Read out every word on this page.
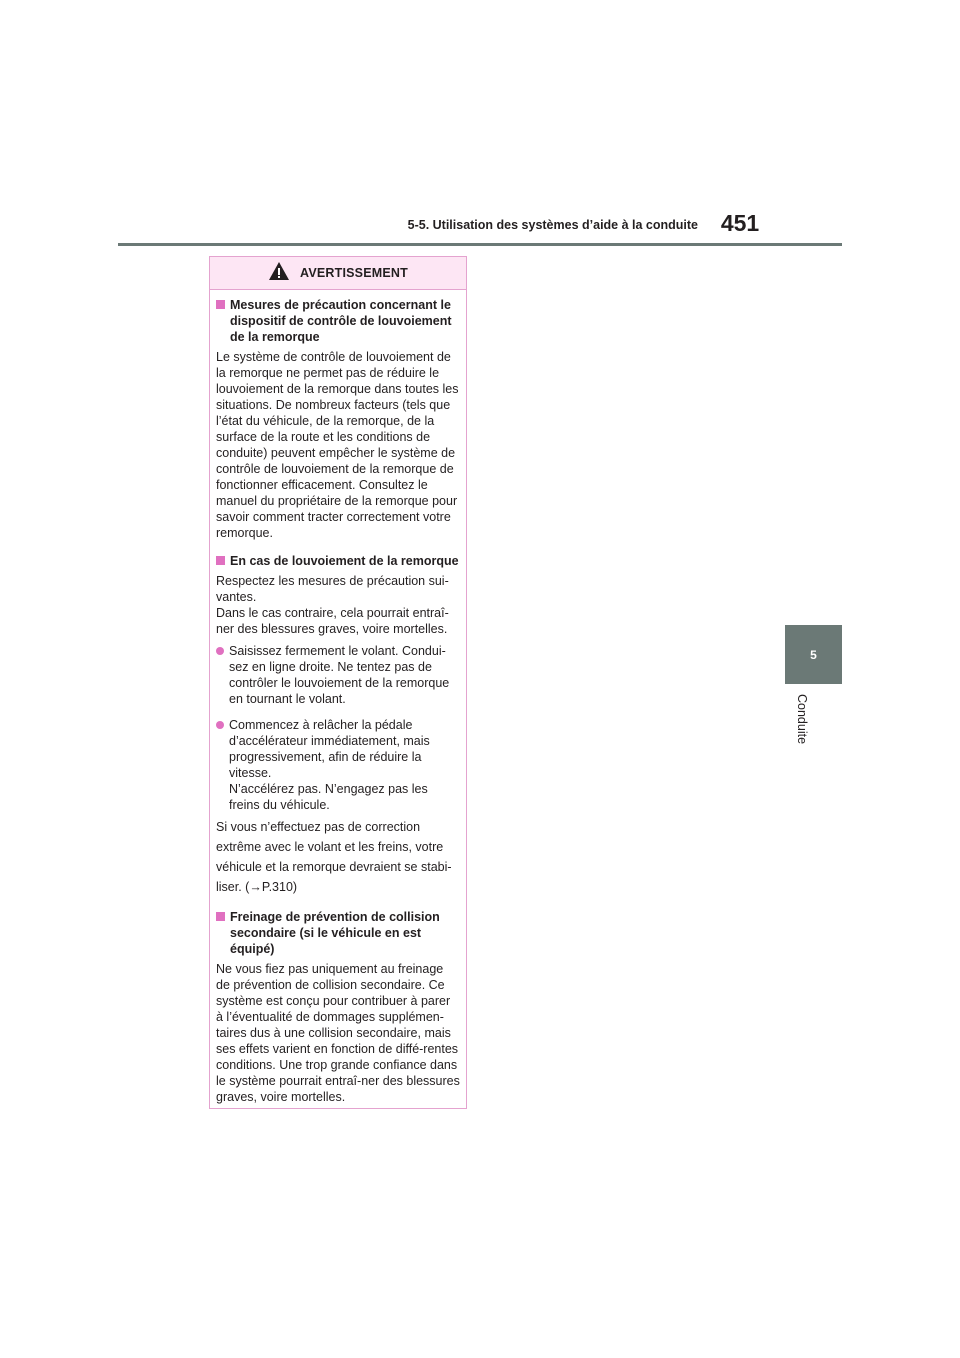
5-5. Utilisation des systèmes d’aide à la conduite 451
5
Conduite
AVERTISSEMENT
Mesures de précaution concernant le dispositif de contrôle de louvoiement de la remorque
Le système de contrôle de louvoiement de la remorque ne permet pas de réduire le louvoiement de la remorque dans toutes les situations. De nombreux facteurs (tels que l’état du véhicule, de la remorque, de la surface de la route et les conditions de conduite) peuvent empêcher le système de contrôle de louvoiement de la remorque de fonctionner efficacement. Consultez le manuel du propriétaire de la remorque pour savoir comment tracter correctement votre remorque.
En cas de louvoiement de la remorque
Respectez les mesures de précaution sui-vantes.
Dans le cas contraire, cela pourrait entraî-ner des blessures graves, voire mortelles.
Saisissez fermement le volant. Condui-sez en ligne droite. Ne tentez pas de contrôler le louvoiement de la remorque en tournant le volant.
Commencez à relâcher la pédale d’accélérateur immédiatement, mais progressivement, afin de réduire la vitesse.
N’accélérez pas. N’engagez pas les freins du véhicule.
Si vous n’effectuez pas de correction extrême avec le volant et les freins, votre véhicule et la remorque devraient se stabi-liser. (→P.310)
Freinage de prévention de collision secondaire (si le véhicule en est équipé)
Ne vous fiez pas uniquement au freinage de prévention de collision secondaire. Ce système est conçu pour contribuer à parer à l’éventualité de dommages supplémen-taires dus à une collision secondaire, mais ses effets varient en fonction de diffé-rentes conditions. Une trop grande confiance dans le système pourrait entraî-ner des blessures graves, voire mortelles.
